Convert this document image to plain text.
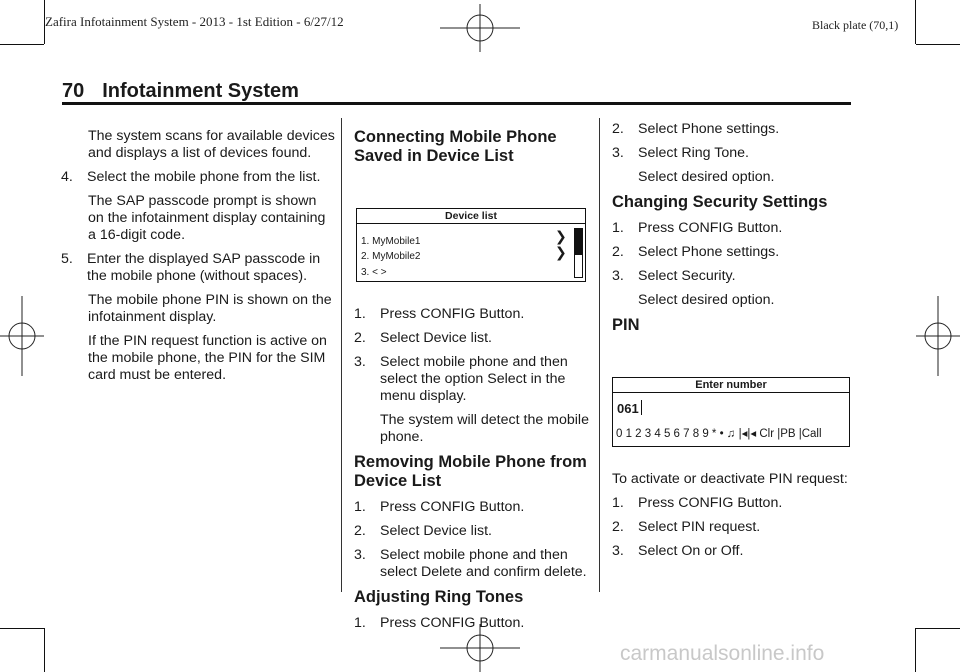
Zafira Infotainment System - 2013 - 1st Edition - 6/27/12	Black plate (70,1)
70 Infotainment System

The system scans for available devices and displays a list of devices found.

4. Select the mobile phone from the list.

The SAP passcode prompt is shown on the infotainment display containing a 16-digit code.

5. Enter the displayed SAP passcode in the mobile phone (without spaces).

The mobile phone PIN is shown on the infotainment display.

If the PIN request function is active on the mobile phone, the PIN for the SIM card must be entered.

Connecting Mobile Phone Saved in Device List
Device list
1. MyMobile1
2. MyMobile2
3. < >
❯
❯
1. Press CONFIG Button.
2. Select Device list.
3. Select mobile phone and then select the option Select in the menu display.

The system will detect the mobile phone.

Removing Mobile Phone from Device List
1. Press CONFIG Button.
2. Select Device list.
3. Select mobile phone and then select Delete and confirm delete.
Adjusting Ring Tones
1. Press CONFIG Button.
2. Select Phone settings.
3. Select Ring Tone.

Select desired option.

Changing Security Settings
1. Press CONFIG Button.
2. Select Phone settings.
3. Select Security.

Select desired option.

PIN
Enter number
061
0 1 2 3 4 5 6 7 8 9 * • ♫ |◂|◂ Clr |PB |Call

To activate or deactivate PIN request:

1. Press CONFIG Button.
2. Select PIN request.
3. Select On or Off.
carmanualsonline.info
